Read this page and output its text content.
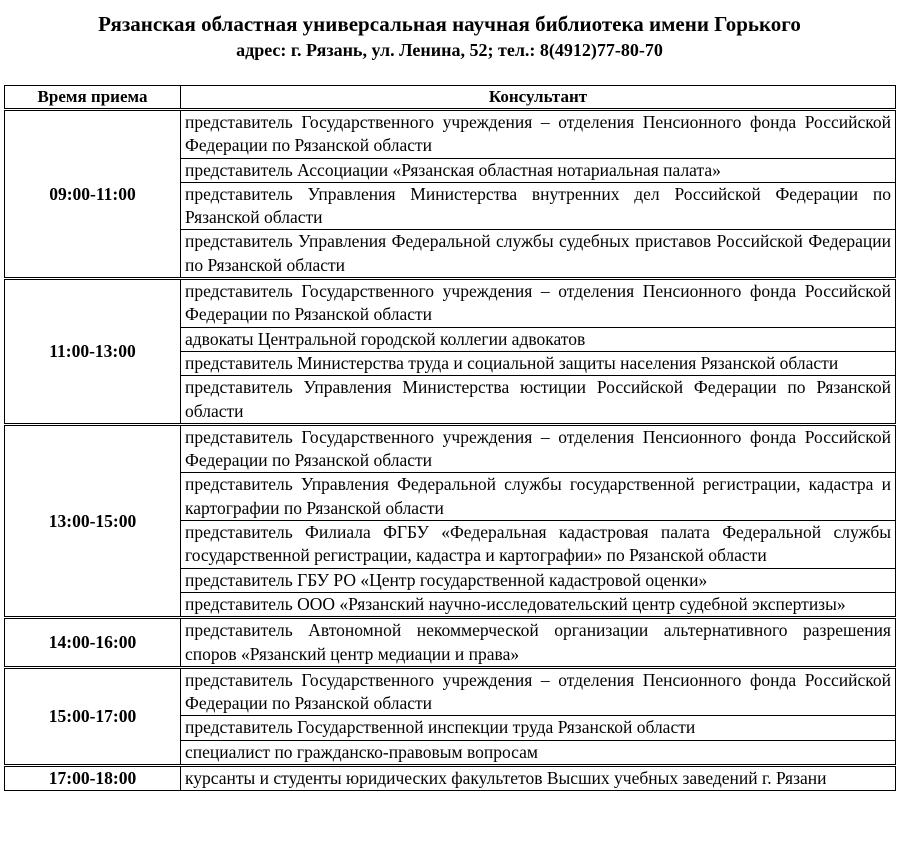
Рязанская областная универсальная научная библиотека имени Горького
адрес: г. Рязань, ул. Ленина, 52; тел.: 8(4912)77-80-70
Время приема	Консультант
09:00-11:00	представитель Государственного учреждения – отделения Пенсионного фонда Российской Федерации по Рязанской области
	представитель Ассоциации «Рязанская областная нотариальная палата»
	представитель Управления Министерства внутренних дел Российской Федерации по Рязанской области
	представитель Управления Федеральной службы судебных приставов Российской Федерации по Рязанской области
11:00-13:00	представитель Государственного учреждения – отделения Пенсионного фонда Российской Федерации по Рязанской области
	адвокаты Центральной городской коллегии адвокатов
	представитель Министерства труда и социальной защиты населения Рязанской области
	представитель Управления Министерства юстиции Российской Федерации по Рязанской области
13:00-15:00	представитель Государственного учреждения – отделения Пенсионного фонда Российской Федерации по Рязанской области
	представитель Управления Федеральной службы государственной регистрации, кадастра и картографии по Рязанской области
	представитель Филиала ФГБУ «Федеральная кадастровая палата Федеральной службы государственной регистрации, кадастра и картографии» по Рязанской области
	представитель ГБУ РО «Центр государственной кадастровой оценки»
	представитель ООО «Рязанский научно-исследовательский центр судебной экспертизы»
14:00-16:00	представитель Автономной некоммерческой организации альтернативного разрешения споров «Рязанский центр медиации и права»
15:00-17:00	представитель Государственного учреждения – отделения Пенсионного фонда Российской Федерации по Рязанской области
	представитель Государственной инспекции труда Рязанской области
	специалист по гражданско-правовым вопросам
17:00-18:00	курсанты и студенты юридических факультетов Высших учебных заведений г. Рязани
